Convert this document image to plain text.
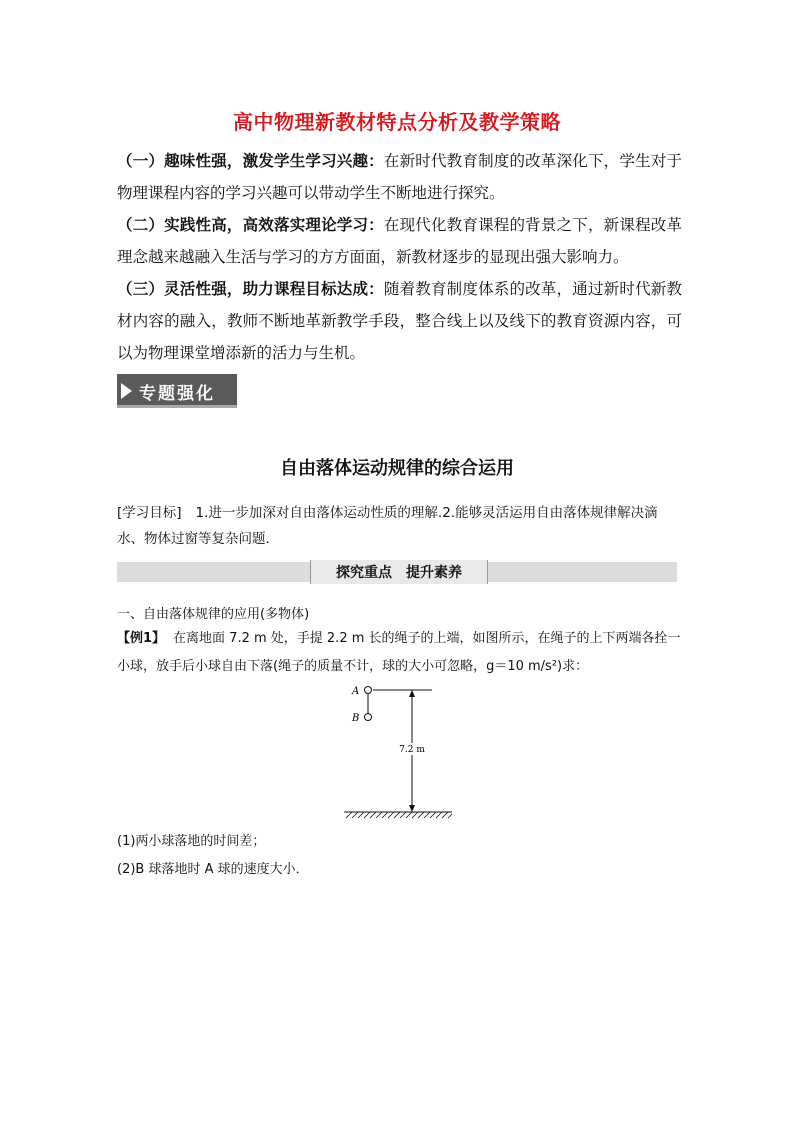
高中物理新教材特点分析及教学策略

（一）趣味性强，激发学生学习兴趣：在新时代教育制度的改革深化下，学生对于物理课程内容的学习兴趣可以带动学生不断地进行探究。

（二）实践性高，高效落实理论学习：在现代化教育课程的背景之下，新课程改革理念越来越融入生活与学习的方方面面，新教材逐步的显现出强大影响力。

（三）灵活性强，助力课程目标达成：随着教育制度体系的改革，通过新时代新教材内容的融入，教师不断地革新教学手段，整合线上以及线下的教育资源内容，可以为物理课堂增添新的活力与生机。

专题强化
自由落体运动规律的综合运用
[学习目标] 1.进一步加深对自由落体运动性质的理解.2.能够灵活运用自由落体规律解决滴水、物体过窗等复杂问题．
探究重点 提升素养
一、自由落体规律的应用(多物体)
【例1】 在离地面 7.2 m 处，手提 2.2 m 长的绳子的上端，如图所示，在绳子的上下两端各拴一小球，放手后小球自由下落(绳子的质量不计，球的大小可忽略，g＝10 m/s²)求：
A
B
7.2 m

(1)两小球落地的时间差；

(2)B 球落地时 A 球的速度大小．
